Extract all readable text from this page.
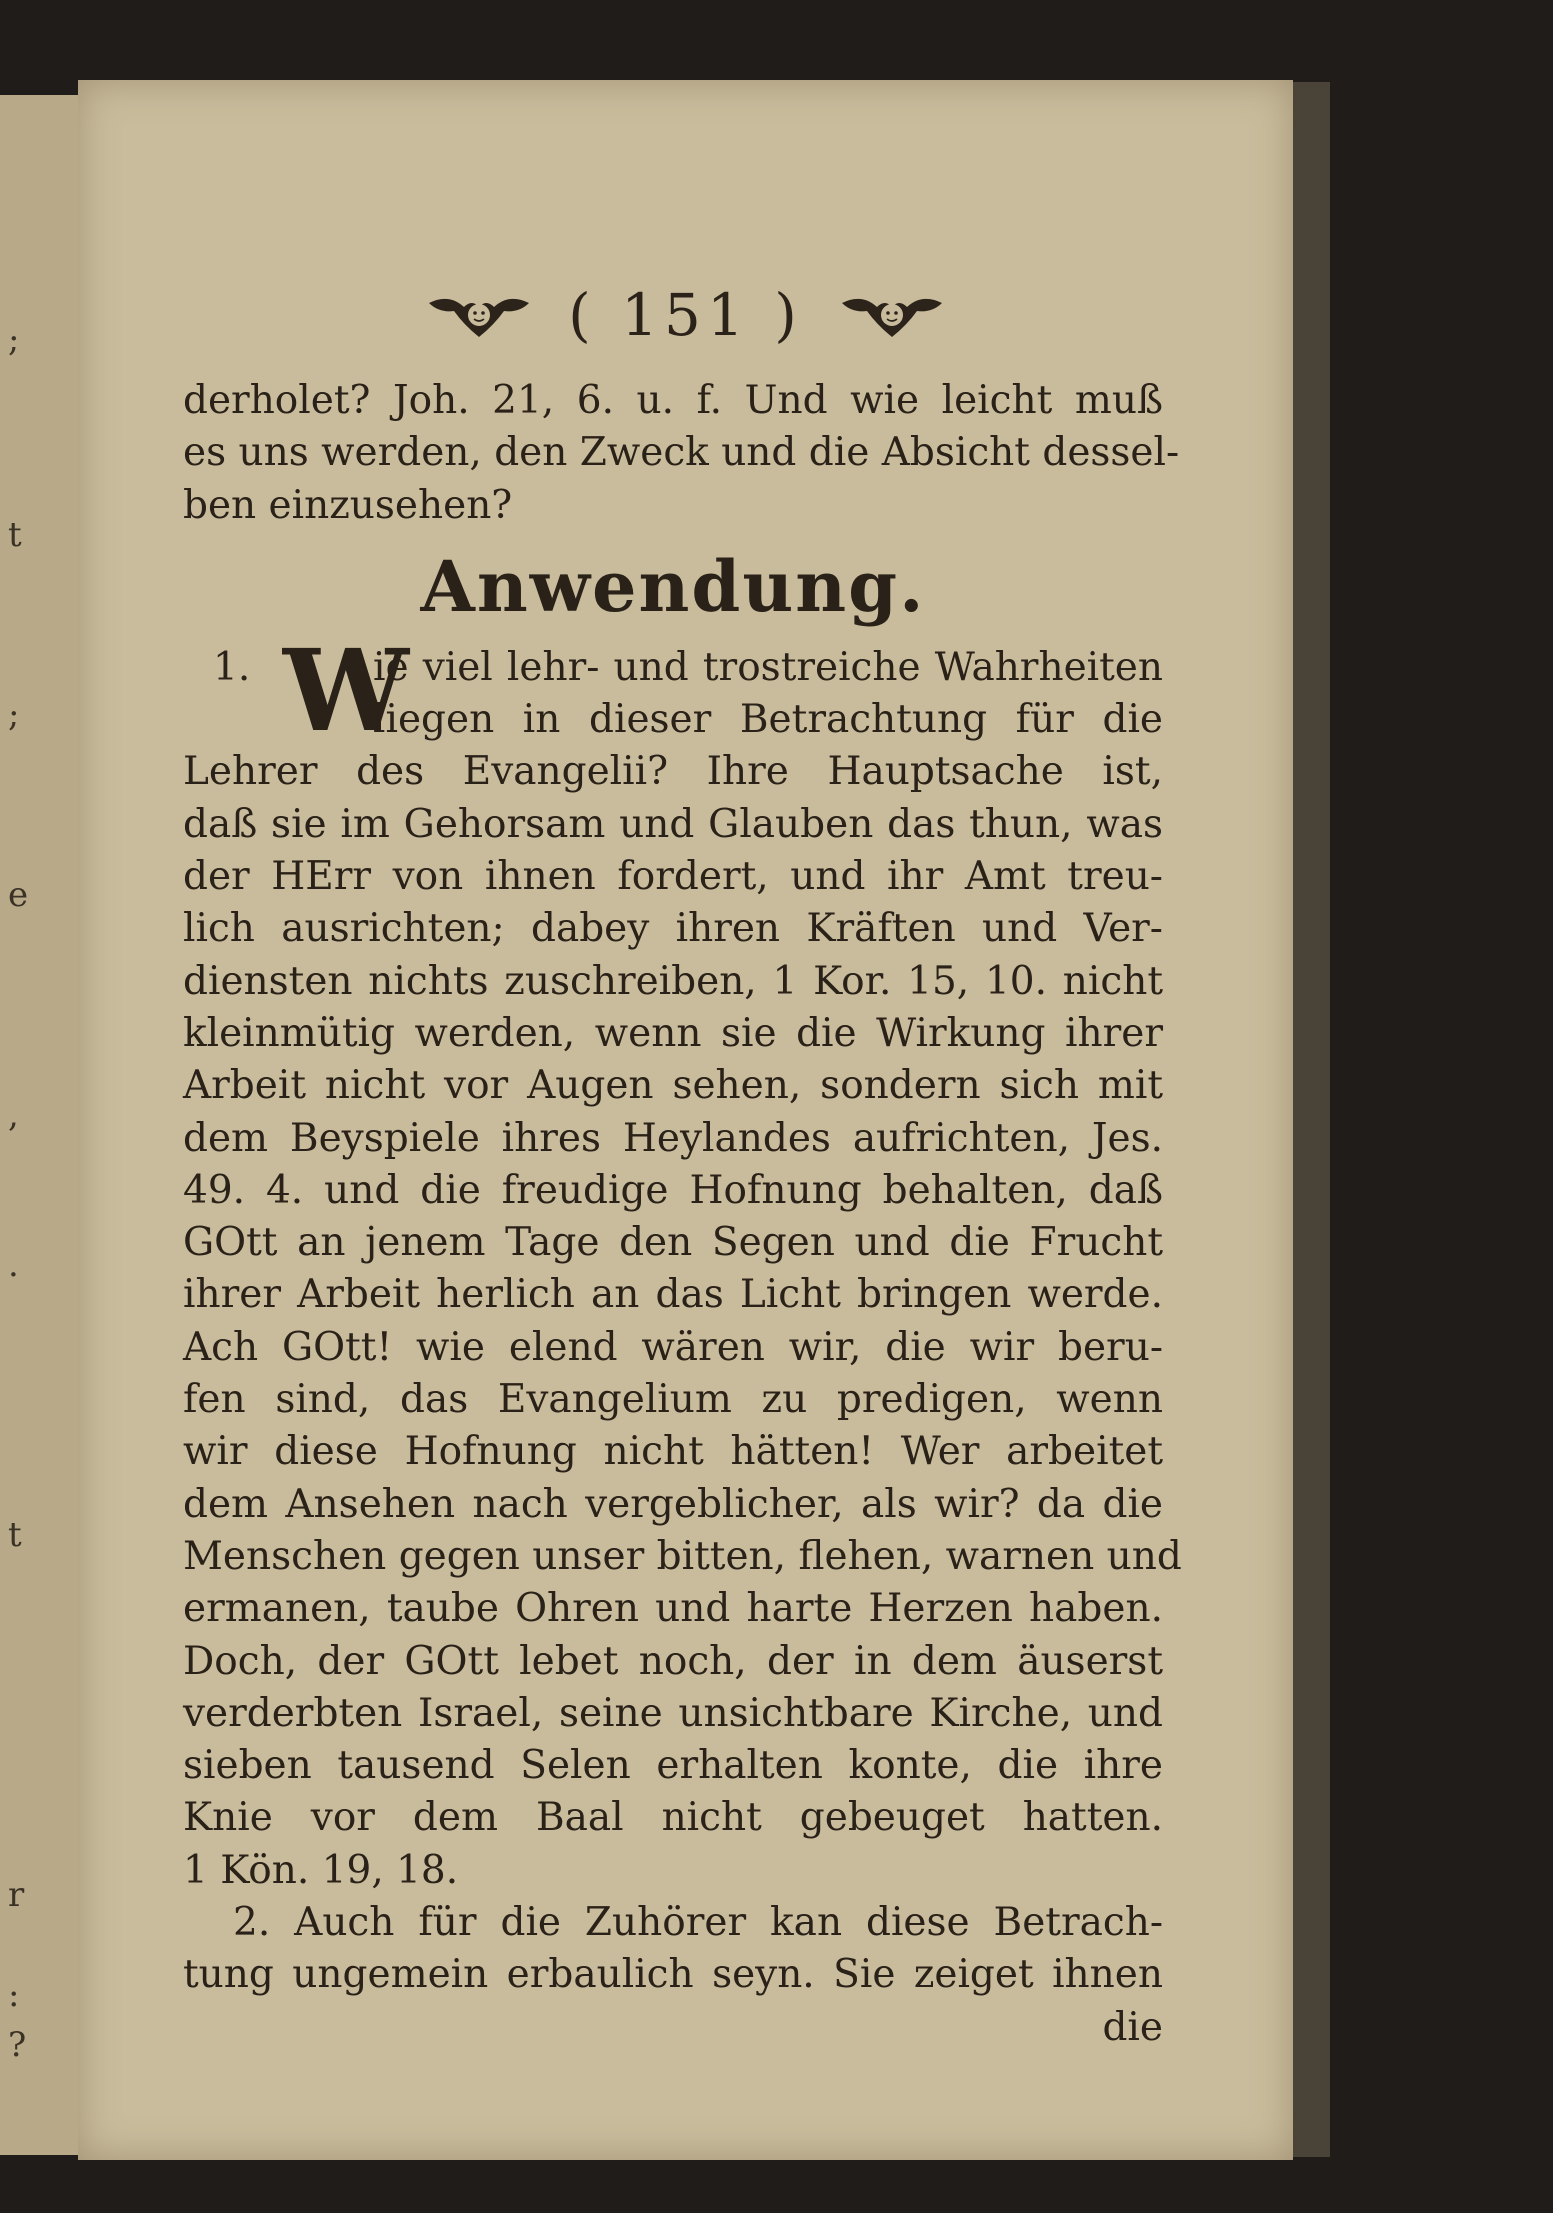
;
t
;
e
,
.
t
r
:
?
( 151 )
derholet? Joh. 21, 6. u. f. Und wie leicht muß
es uns werden, den Zweck und die Absicht dessel-
ben einzusehen?
Anwendung.
1. W
ie viel lehr- und trostreiche Wahrheiten
liegen in dieser Betrachtung für die
Lehrer des Evangelii? Ihre Hauptsache ist,
daß sie im Gehorsam und Glauben das thun, was
der HErr von ihnen fordert, und ihr Amt treu-
lich ausrichten; dabey ihren Kräften und Ver-
diensten nichts zuschreiben, 1 Kor. 15, 10. nicht
kleinmütig werden, wenn sie die Wirkung ihrer
Arbeit nicht vor Augen sehen, sondern sich mit
dem Beyspiele ihres Heylandes aufrichten, Jes.
49. 4. und die freudige Hofnung behalten, daß
GOtt an jenem Tage den Segen und die Frucht
ihrer Arbeit herlich an das Licht bringen werde.
Ach GOtt! wie elend wären wir, die wir beru-
fen sind, das Evangelium zu predigen, wenn
wir diese Hofnung nicht hätten! Wer arbeitet
dem Ansehen nach vergeblicher, als wir? da die
Menschen gegen unser bitten, flehen, warnen und
ermanen, taube Ohren und harte Herzen haben.
Doch, der GOtt lebet noch, der in dem äuserst
verderbten Israel, seine unsichtbare Kirche, und
sieben tausend Selen erhalten konte, die ihre
Knie vor dem Baal nicht gebeuget hatten.
1 Kön. 19, 18.
2. Auch für die Zuhörer kan diese Betrach-
tung ungemein erbaulich seyn. Sie zeiget ihnen
die
